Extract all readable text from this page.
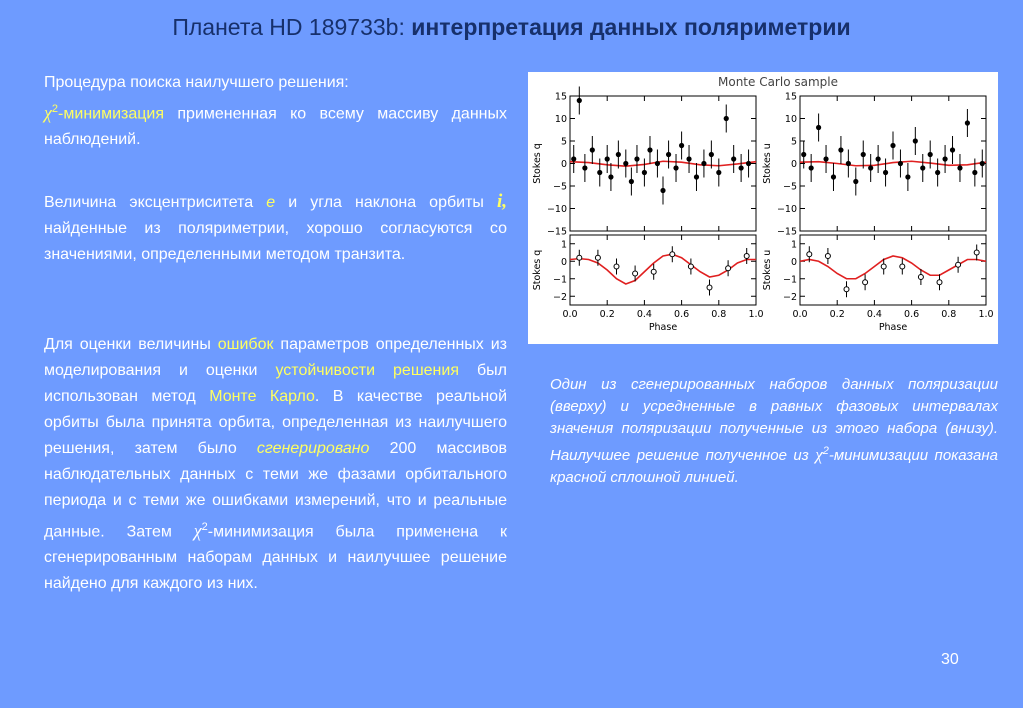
Планета HD 189733b: интерпретация данных поляриметрии
Процедура поиска наилучшего решения:
$\chi^2$-минимизация примененная ко всему массиву данных наблюдений.
Величина эксцентриситета e и угла наклона орбиты i, найденные из поляриметрии, хорошо согласуются со значениями, определенными методом транзита.
Для оценки величины ошибок параметров определенных из моделирования и оценки устойчивости решения был использован метод Монте Карло. В качестве реальной орбиты была принята орбита, определенная из наилучшего решения, затем было сгенерировано 200 массивов наблюдательных данных с теми же фазами орбитального периода и с теми же ошибками измерений, что и реальные данные. Затем $\chi^2$-минимизация была применена к сгенерированным наборам данных и наилучшее решение найдено для каждого из них.
Monte Carlo sample
15
10
5
0
−5
−10
−15
Stokes q
15
10
5
0
−5
−10
−15
Stokes u
1
0
−1
−2
Stokes q
0.0 0.2 0.4 0.6 0.8 1.0
Phase
1
0
−1
−2
Stokes u
0.0 0.2 0.4 0.6 0.8 1.0
Phase
Один из сгенерированных наборов данных поляризации (вверху) и усредненные в равных фазовых интервалах значения поляризации полученные из этого набора (внизу). Наилучшее решение полученное из $\chi^2$-минимизации показана красной сплошной линией.
30
